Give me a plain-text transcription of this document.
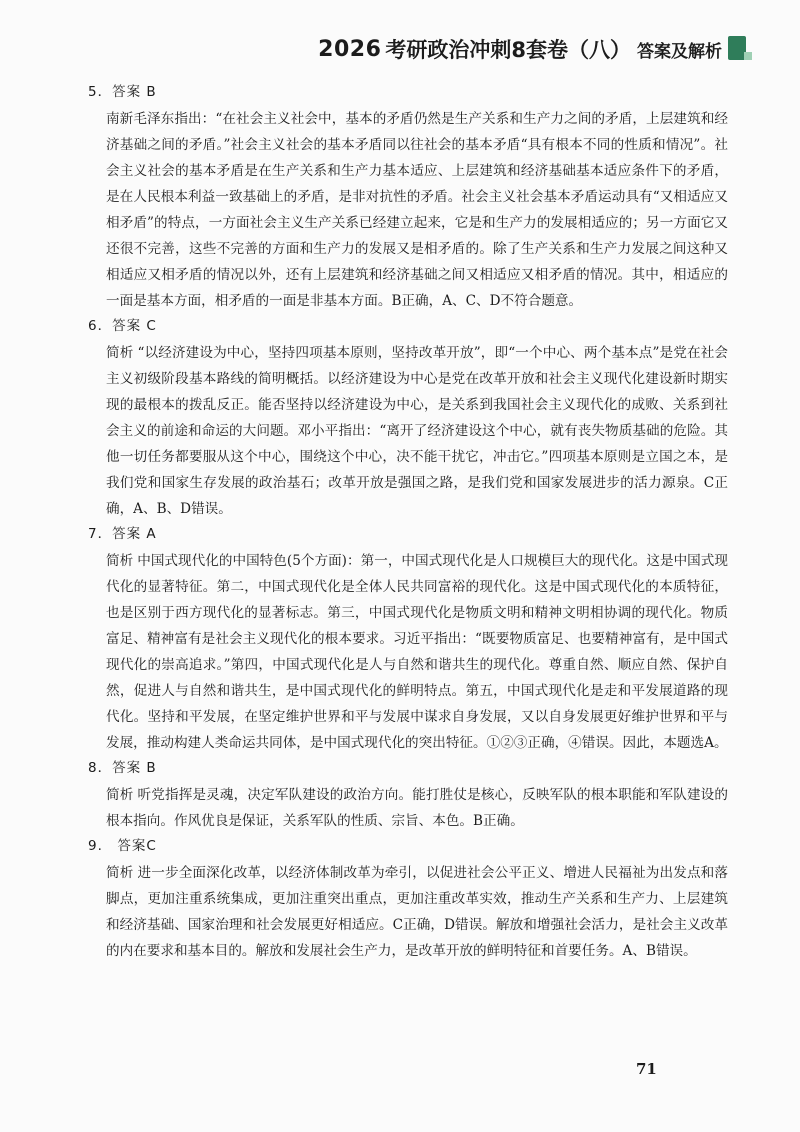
2026 考研政治冲刺8套卷（八） 答案及解析
5．答案 B
南新毛泽东指出：“在社会主义社会中，基本的矛盾仍然是生产关系和生产力之间的矛盾，上层建筑和经济基础之间的矛盾。”社会主义社会的基本矛盾同以往社会的基本矛盾“具有根本不同的性质和情况”。社会主义社会的基本矛盾是在生产关系和生产力基本适应、上层建筑和经济基础基本适应条件下的矛盾，是在人民根本利益一致基础上的矛盾，是非对抗性的矛盾。社会主义社会基本矛盾运动具有“又相适应又相矛盾”的特点，一方面社会主义生产关系已经建立起来，它是和生产力的发展相适应的；另一方面它又还很不完善，这些不完善的方面和生产力的发展又是相矛盾的。除了生产关系和生产力发展之间这种又相适应又相矛盾的情况以外，还有上层建筑和经济基础之间又相适应又相矛盾的情况。其中，相适应的一面是基本方面，相矛盾的一面是非基本方面。B正确，A、C、D不符合题意。
6．答案 C
简析 “以经济建设为中心，坚持四项基本原则，坚持改革开放”，即“一个中心、两个基本点”是党在社会主义初级阶段基本路线的简明概括。以经济建设为中心是党在改革开放和社会主义现代化建设新时期实现的最根本的拨乱反正。能否坚持以经济建设为中心，是关系到我国社会主义现代化的成败、关系到社会主义的前途和命运的大问题。邓小平指出：“离开了经济建设这个中心，就有丧失物质基础的危险。其他一切任务都要服从这个中心，围绕这个中心，决不能干扰它，冲击它。”四项基本原则是立国之本，是我们党和国家生存发展的政治基石；改革开放是强国之路，是我们党和国家发展进步的活力源泉。C正确，A、B、D错误。
7．答案 A
简析 中国式现代化的中国特色(5个方面)：第一，中国式现代化是人口规模巨大的现代化。这是中国式现代化的显著特征。第二，中国式现代化是全体人民共同富裕的现代化。这是中国式现代化的本质特征，也是区别于西方现代化的显著标志。第三，中国式现代化是物质文明和精神文明相协调的现代化。物质富足、精神富有是社会主义现代化的根本要求。习近平指出：“既要物质富足、也要精神富有，是中国式现代化的崇高追求。”第四，中国式现代化是人与自然和谐共生的现代化。尊重自然、顺应自然、保护自然，促进人与自然和谐共生，是中国式现代化的鲜明特点。第五，中国式现代化是走和平发展道路的现代化。坚持和平发展，在坚定维护世界和平与发展中谋求自身发展，又以自身发展更好维护世界和平与发展，推动构建人类命运共同体，是中国式现代化的突出特征。①②③正确，④错误。因此，本题选A。
8．答案 B
简析 听党指挥是灵魂，决定军队建设的政治方向。能打胜仗是核心，反映军队的根本职能和军队建设的根本指向。作风优良是保证，关系军队的性质、宗旨、本色。B正确。
9.　答案C
简析 进一步全面深化改革，以经济体制改革为牵引，以促进社会公平正义、增进人民福祉为出发点和落脚点，更加注重系统集成，更加注重突出重点，更加注重改革实效，推动生产关系和生产力、上层建筑和经济基础、国家治理和社会发展更好相适应。C正确，D错误。解放和增强社会活力，是社会主义改革的内在要求和基本目的。解放和发展社会生产力，是改革开放的鲜明特征和首要任务。A、B错误。
71
